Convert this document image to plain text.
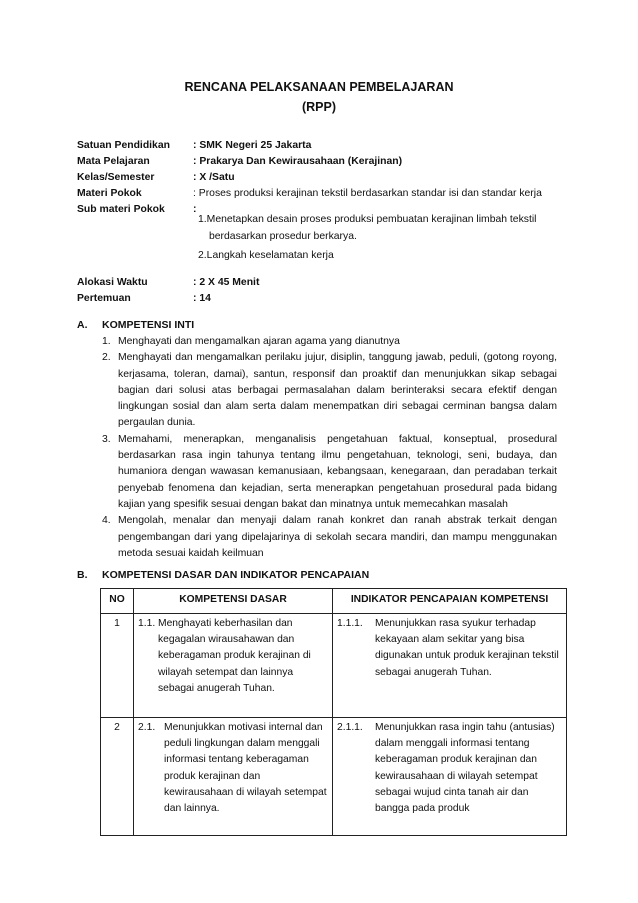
RENCANA PELAKSANAAN PEMBELAJARAN
(RPP)
Satuan Pendidikan	: SMK Negeri 25 Jakarta
Mata Pelajaran	: Prakarya Dan Kewirausahaan (Kerajinan)
Kelas/Semester	: X /Satu
Materi Pokok	: Proses produksi kerajinan tekstil berdasarkan standar isi dan standar kerja
Sub materi Pokok	:
1.Menetapkan desain proses produksi pembuatan kerajinan limbah tekstil
berdasarkan prosedur berkarya.
2.Langkah keselamatan kerja
Alokasi Waktu	: 2 X 45 Menit
Pertemuan	: 14
A. KOMPETENSI INTI
1. Menghayati dan mengamalkan ajaran agama yang dianutnya
2. Menghayati dan mengamalkan perilaku jujur, disiplin, tanggung jawab, peduli, (gotong royong, kerjasama, toleran, damai), santun, responsif dan proaktif dan menunjukkan sikap sebagai bagian dari solusi atas berbagai permasalahan dalam berinteraksi secara efektif dengan lingkungan sosial dan alam serta dalam menempatkan diri sebagai cerminan bangsa dalam pergaulan dunia.
3. Memahami, menerapkan, menganalisis pengetahuan faktual, konseptual, prosedural berdasarkan rasa ingin tahunya tentang ilmu pengetahuan, teknologi, seni, budaya, dan humaniora dengan wawasan kemanusiaan, kebangsaan, kenegaraan, dan peradaban terkait penyebab fenomena dan kejadian, serta menerapkan pengetahuan prosedural pada bidang kajian yang spesifik sesuai dengan bakat dan minatnya untuk memecahkan masalah
4. Mengolah, menalar dan menyaji dalam ranah konkret dan ranah abstrak terkait dengan pengembangan dari yang dipelajarinya di sekolah secara mandiri, dan mampu menggunakan metoda sesuai kaidah keilmuan
B. KOMPETENSI DASAR DAN INDIKATOR PENCAPAIAN
NO	KOMPETENSI DASAR	INDIKATOR PENCAPAIAN KOMPETENSI
1	1.1. Menghayati keberhasilan dan kegagalan wirausahawan dan keberagaman produk kerajinan di wilayah setempat dan lainnya sebagai anugerah Tuhan.	1.1.1. Menunjukkan rasa syukur terhadap kekayaan alam sekitar yang bisa digunakan untuk produk kerajinan tekstil sebagai anugerah Tuhan.

2	2.1. Menunjukkan motivasi internal dan peduli lingkungan dalam menggali informasi tentang keberagaman produk kerajinan dan kewirausahaan di wilayah setempat dan lainnya.	2.1.1. Menunjukkan rasa ingin tahu (antusias) dalam menggali informasi tentang keberagaman produk kerajinan dan kewirausahaan di wilayah setempat sebagai wujud cinta tanah air dan bangga pada produk
